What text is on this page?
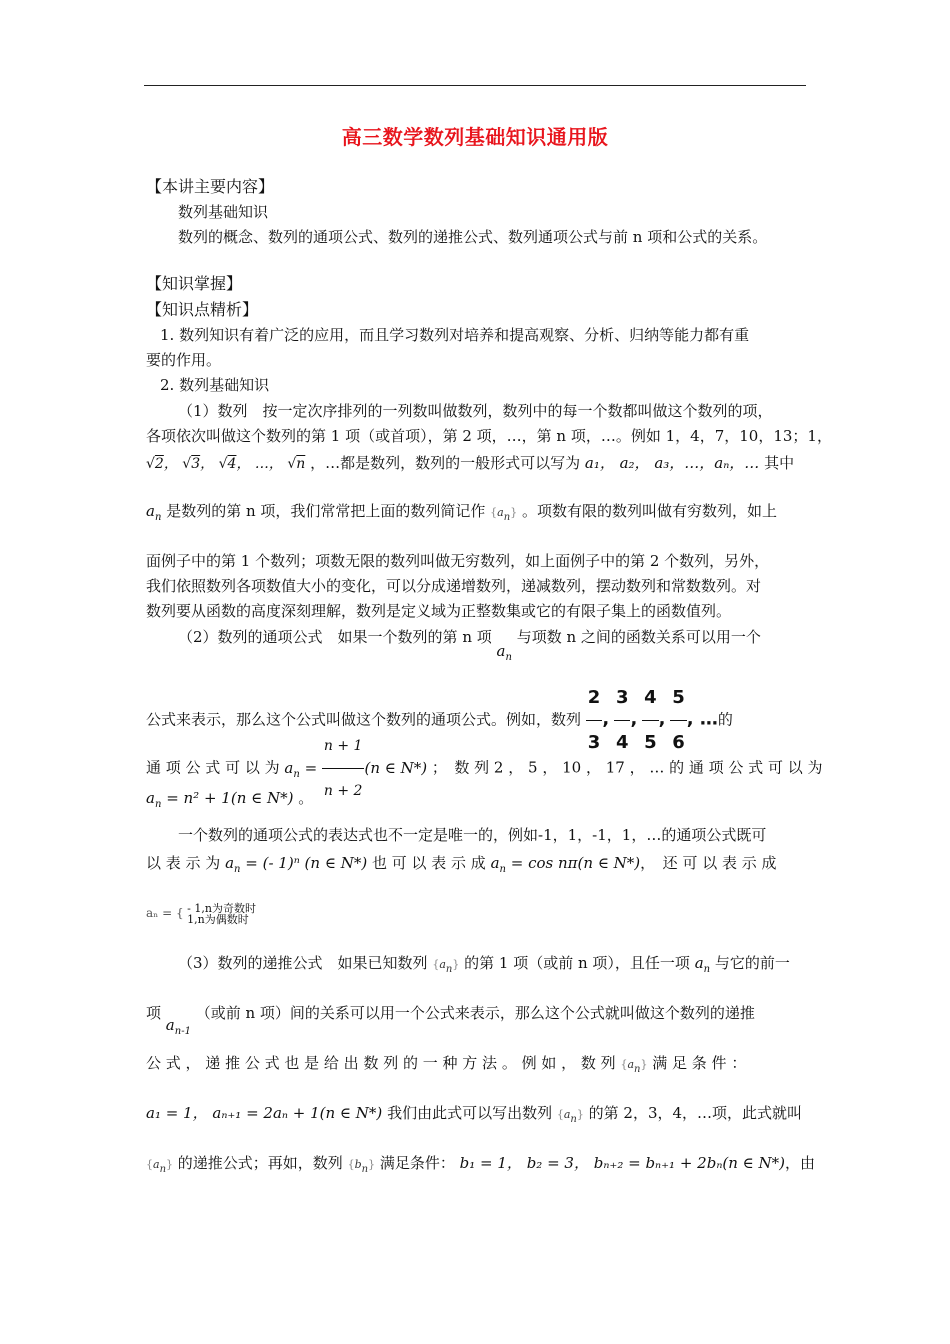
高三数学数列基础知识通用版
【本讲主要内容】
数列基础知识
数列的概念、数列的通项公式、数列的递推公式、数列通项公式与前 n 项和公式的关系。
【知识掌握】
【知识点精析】
1. 数列知识有着广泛的应用，而且学习数列对培养和提高观察、分析、归纳等能力都有重
要的作用。
2. 数列基础知识
（1）数列　按一定次序排列的一列数叫做数列，数列中的每一个数都叫做这个数列的项，
各项依次叫做这个数列的第 1 项（或首项），第 2 项，…，第 n 项，…。例如 1，4，7，10，13；1，
√2， √3， √4， …， √n ，…都是数列，数列的一般形式可以写为 a₁， a₂， a₃，…，aₙ，… 其中
$a_n$ 是数列的第 n 项，我们常常把上面的数列简记作 {an} 。项数有限的数列叫做有穷数列，如上
面例子中的第 1 个数列；项数无限的数列叫做无穷数列，如上面例子中的第 2 个数列，另外，
我们依照数列各项数值大小的变化，可以分成递增数列，递减数列，摆动数列和常数数列。对
数列要从函数的高度深刻理解，数列是定义域为正整数集或它的有限子集上的函数值列。
（2）数列的通项公式　如果一个数列的第 n 项 $a_n$ 与项数 n 之间的函数关系可以用一个
公式来表示，那么这个公式叫做这个数列的通项公式。例如，数列 $\frac{2}{3}$ , $\frac{3}{4}$ , $\frac{4}{5}$ , $\frac{5}{6}$ , …的
通 项 公 式 可 以 为 $a_n = \frac{n + 1}{n + 2} (n$ ∈ N*) ；　数 列 2 ， 5 ， 10 ， 17 ， … 的 通 项 公 式 可 以 为
$a_n = n^2 + 1(n$ ∈ N*) 。
一个数列的通项公式的表达式也不一定是唯一的，例如-1，1，-1，1，…的通项公式既可
以 表 示 为 $a_n$ = (- 1)ⁿ (n ∈ N*) 也 可 以 表 示 成 $a_n = \cos n\pi(n$ ∈ N*)，　还 可 以 表 示 成
aₙ = { - 1,n为奇数时
1,n为偶数时
（3）数列的递推公式　如果已知数列 {an} 的第 1 项（或前 n 项），且任一项 $a_n$ 与它的前一
项 $a_{n-1}$ （或前 n 项）间的关系可以用一个公式来表示，那么这个公式就叫做这个数列的递推
公 式 ， 递 推 公 式 也 是 给 出 数 列 的 一 种 方 法 。 例 如 ， 数 列 {an} 满 足 条 件 ：
a₁ = 1， aₙ₊₁ = 2aₙ + 1(n ∈ N*) 我们由此式可以写出数列 {an} 的第 2，3，4，…项，此式就叫
{an} 的递推公式；再如，数列 {bn} 满足条件： b₁ = 1， b₂ = 3， bₙ₊₂ = bₙ₊₁ + 2bₙ(n ∈ N*)，由
